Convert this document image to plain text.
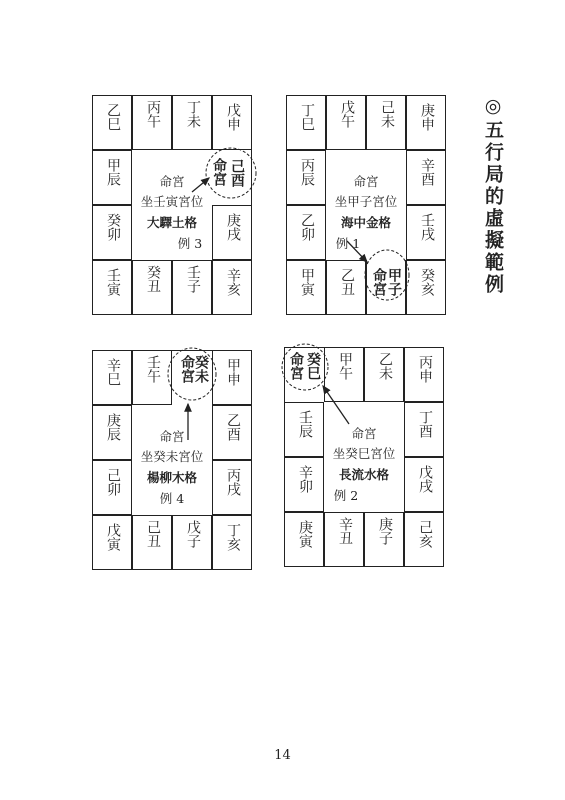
◎五行局的虛擬範例
乙巳 丙午 丁未 戊申
己酉
庚戌
辛亥
壬子
癸丑
壬寅
癸卯
甲辰	命宮
命宮
坐壬寅宮位
大驛土格
例 3
丁巳 戊午 己未 庚申
辛酉
壬戌
癸亥
甲子
乙丑
甲寅
乙卯
丙辰
命宮
命宮
坐甲子宮位
海中金格
例 1
辛巳 壬午 癸未 甲申
乙酉
丙戌
丁亥
戊子
己丑
戊寅
己卯
庚辰
命宮
命宮
坐癸未宮位
楊柳木格
例 4
癸巳 甲午 乙未 丙申
丁酉
戊戌
己亥
庚子
辛丑
庚寅
辛卯
壬辰
命宮
命宮
坐癸巳宮位
長流水格
例 2
14
